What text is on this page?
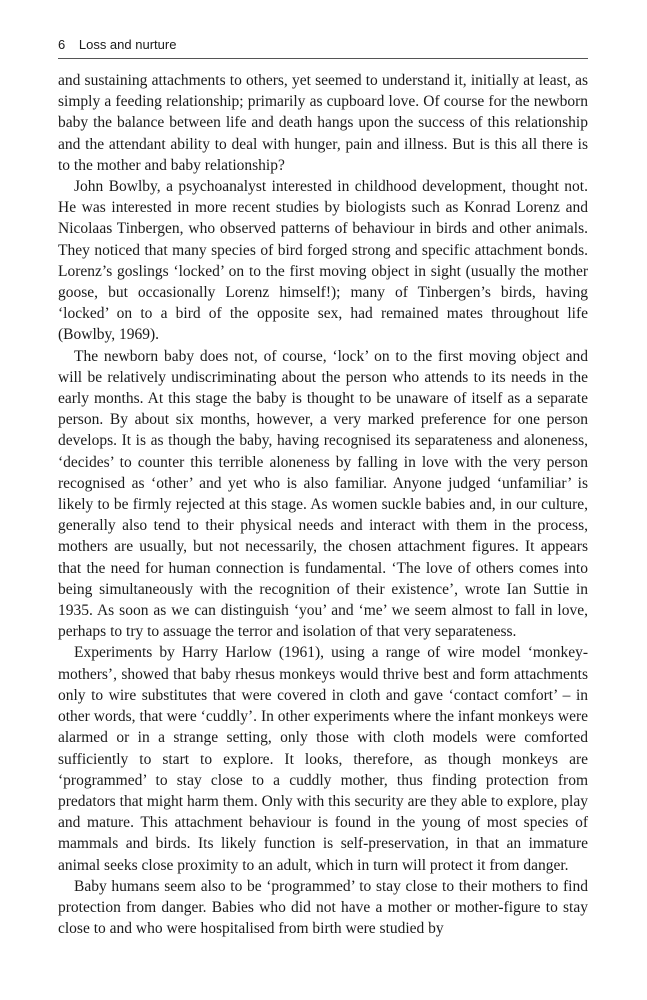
6 Loss and nurture

and sustaining attachments to others, yet seemed to understand it, initially at least, as simply a feeding relationship; primarily as cupboard love. Of course for the newborn baby the balance between life and death hangs upon the success of this relationship and the attendant ability to deal with hunger, pain and illness. But is this all there is to the mother and baby relationship?

John Bowlby, a psychoanalyst interested in childhood development, thought not. He was interested in more recent studies by biologists such as Konrad Lorenz and Nicolaas Tinbergen, who observed patterns of behaviour in birds and other animals. They noticed that many species of bird forged strong and specific attachment bonds. Lorenz’s goslings ‘locked’ on to the first moving object in sight (usually the mother goose, but occasionally Lorenz himself!); many of Tinbergen’s birds, having ‘locked’ on to a bird of the opposite sex, had remained mates throughout life (Bowlby, 1969).

The newborn baby does not, of course, ‘lock’ on to the first moving object and will be relatively undiscriminating about the person who attends to its needs in the early months. At this stage the baby is thought to be unaware of itself as a separate person. By about six months, however, a very marked preference for one person develops. It is as though the baby, having recognised its separateness and aloneness, ‘decides’ to counter this terrible aloneness by falling in love with the very person recognised as ‘other’ and yet who is also familiar. Anyone judged ‘unfamiliar’ is likely to be firmly rejected at this stage. As women suckle babies and, in our culture, generally also tend to their physical needs and interact with them in the process, mothers are usually, but not necessarily, the chosen attachment figures. It appears that the need for human connection is fundamental. ‘The love of others comes into being simultaneously with the recognition of their existence’, wrote Ian Suttie in 1935. As soon as we can distinguish ‘you’ and ‘me’ we seem almost to fall in love, perhaps to try to assuage the terror and isolation of that very separateness.

Experiments by Harry Harlow (1961), using a range of wire model ‘monkey-mothers’, showed that baby rhesus monkeys would thrive best and form attachments only to wire substitutes that were covered in cloth and gave ‘contact comfort’ – in other words, that were ‘cuddly’. In other experiments where the infant monkeys were alarmed or in a strange setting, only those with cloth models were comforted sufficiently to start to explore. It looks, therefore, as though monkeys are ‘programmed’ to stay close to a cuddly mother, thus finding protection from predators that might harm them. Only with this security are they able to explore, play and mature. This attachment behaviour is found in the young of most species of mammals and birds. Its likely function is self-preservation, in that an immature animal seeks close proximity to an adult, which in turn will protect it from danger.

Baby humans seem also to be ‘programmed’ to stay close to their mothers to find protection from danger. Babies who did not have a mother or mother-figure to stay close to and who were hospitalised from birth were studied by
